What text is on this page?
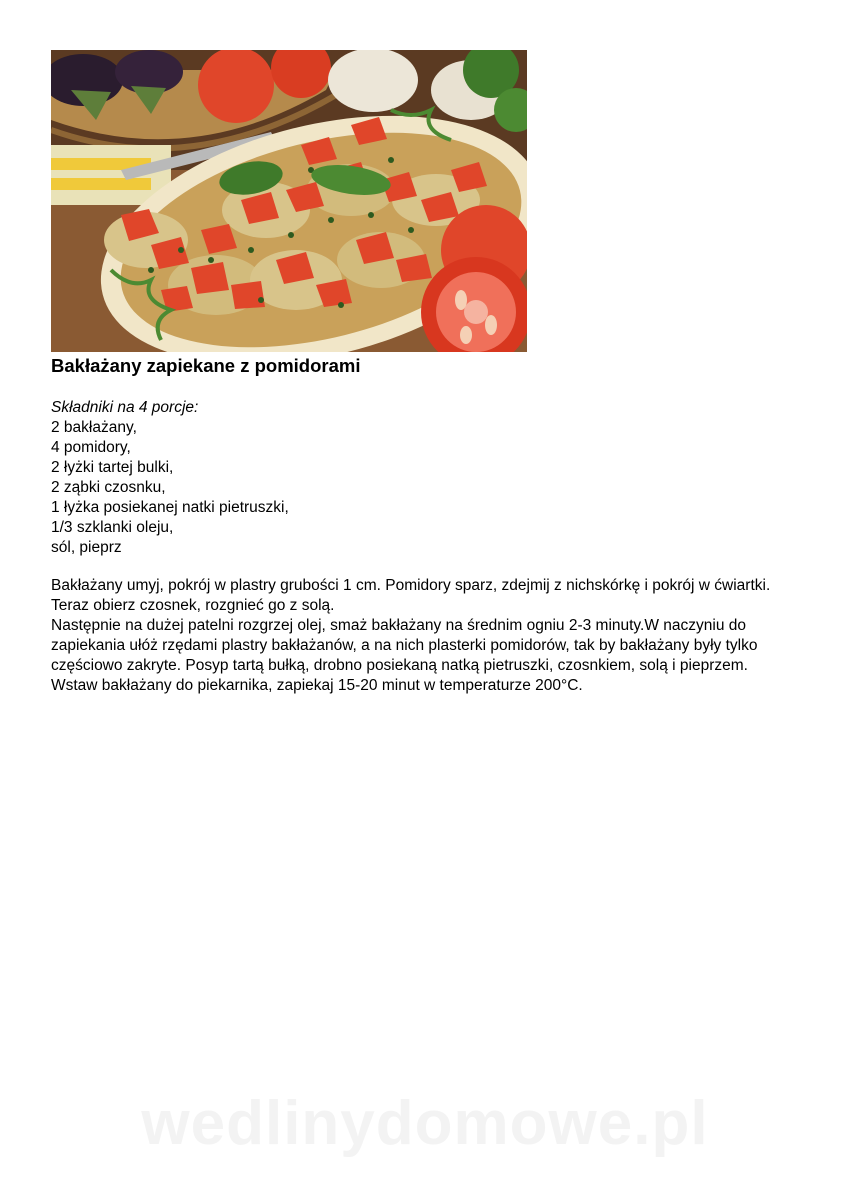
Bakłażany zapiekane z pomidorami
Składniki na 4 porcje:
2 bakłażany,
4 pomidory,
2 łyżki tartej bulki,
2 ząbki czosnku,
1 łyżka posiekanej natki pietruszki,
1/3 szklanki oleju,
sól, pieprz

Bakłażany umyj, pokrój w plastry grubości 1 cm. Pomidory sparz, zdejmij z nichskórkę i pokrój w ćwiartki. Teraz obierz czosnek, rozgnieć go z solą.

Następnie na dużej patelni rozgrzej olej, smaż bakłażany na średnim ogniu 2-3 minuty.W naczyniu do zapiekania ułóż rzędami plastry bakłażanów, a na nich plasterki pomidorów, tak by bakłażany były tylko częściowo zakryte. Posyp tartą bułką, drobno posiekaną natką pietruszki, czosnkiem, solą i pieprzem.

Wstaw bakłażany do piekarnika, zapiekaj 15-20 minut w temperaturze 200°C.

wedlinydomowe.pl
